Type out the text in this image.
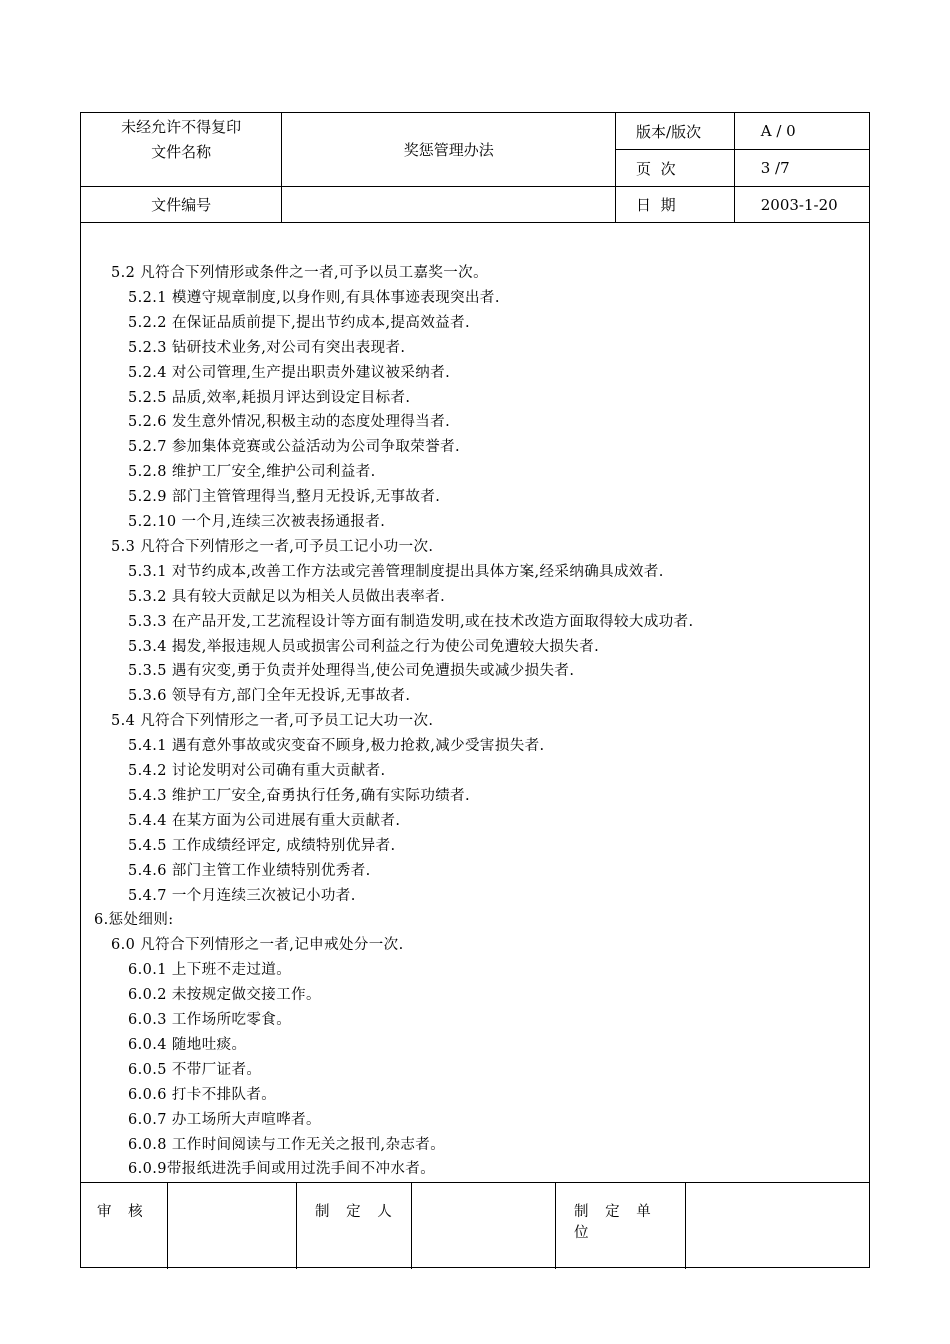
未经允许不得复印
文件名称	奖惩管理办法	版本/版次	A / 0
		页  次	3 /7
文件编号		日  期	2003-1-20
5.2 凡符合下列情形或条件之一者,可予以员工嘉奖一次。
5.2.1 模遵守规章制度,以身作则,有具体事迹表现突出者.
5.2.2 在保证品质前提下,提出节约成本,提高效益者.
5.2.3 钻研技术业务,对公司有突出表现者.
5.2.4 对公司管理,生产提出职责外建议被采纳者.
5.2.5 品质,效率,耗损月评达到设定目标者.
5.2.6 发生意外情况,积极主动的态度处理得当者.
5.2.7 参加集体竞赛或公益活动为公司争取荣誉者.
5.2.8 维护工厂安全,维护公司利益者.
5.2.9 部门主管管理得当,整月无投诉,无事故者.
5.2.10 一个月,连续三次被表扬通报者.
5.3 凡符合下列情形之一者,可予员工记小功一次.
5.3.1 对节约成本,改善工作方法或完善管理制度提出具体方案,经采纳确具成效者.
5.3.2 具有较大贡献足以为相关人员做出表率者.
5.3.3 在产品开发,工艺流程设计等方面有制造发明,或在技术改造方面取得较大成功者.
5.3.4 揭发,举报违规人员或损害公司利益之行为使公司免遭较大损失者.
5.3.5 遇有灾变,勇于负责并处理得当,使公司免遭损失或减少损失者.
5.3.6 领导有方,部门全年无投诉,无事故者.
5.4 凡符合下列情形之一者,可予员工记大功一次.
5.4.1 遇有意外事故或灾变奋不顾身,极力抢救,减少受害损失者.
5.4.2 讨论发明对公司确有重大贡献者.
5.4.3 维护工厂安全,奋勇执行任务,确有实际功绩者.
5.4.4 在某方面为公司进展有重大贡献者.
5.4.5 工作成绩经评定, 成绩特别优异者.
5.4.6 部门主管工作业绩特别优秀者.
5.4.7 一个月连续三次被记小功者.
6.惩处细则:
6.0 凡符合下列情形之一者,记申戒处分一次.
6.0.1 上下班不走过道。
6.0.2 未按规定做交接工作。
6.0.3 工作场所吃零食。
6.0.4 随地吐痰。
6.0.5 不带厂证者。
6.0.6 打卡不排队者。
6.0.7 办工场所大声喧哗者。
6.0.8 工作时间阅读与工作无关之报刊,杂志者。
6.0.9带报纸进洗手间或用过洗手间不冲水者。
审 核	制 定 人	制 定 单 位
